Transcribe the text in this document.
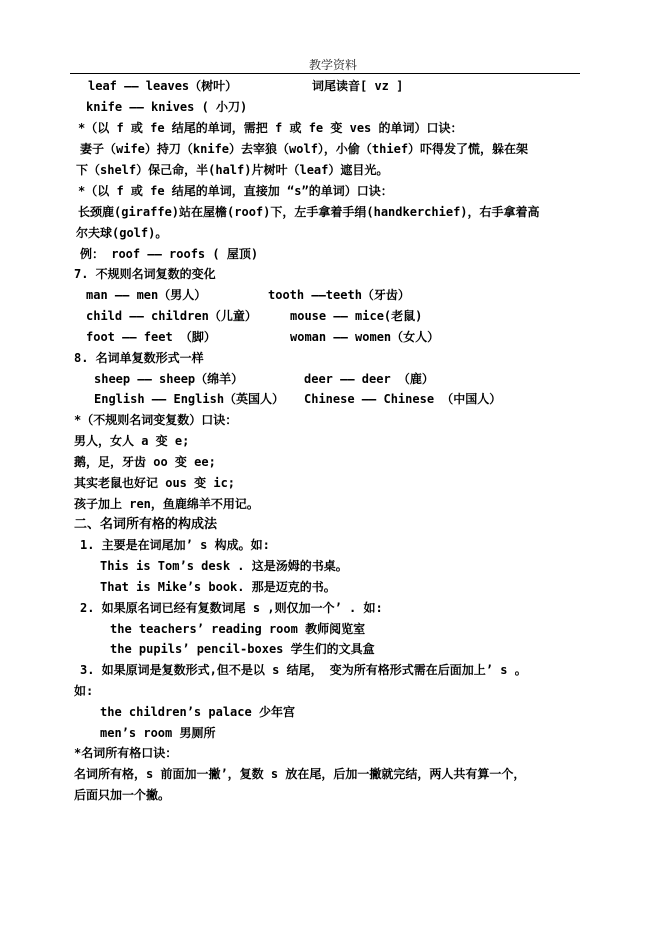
教学资料
leaf —— leaves（树叶）	词尾读音[ vz ]
knife —— knives ( 小刀)
*（以 f 或 fe 结尾的单词，需把 f 或 fe 变 ves 的单词）口诀：
妻子（wife）持刀（knife）去宰狼（wolf），小偷（thief）吓得发了慌，躲在架
下（shelf）保己命，半(half)片树叶（leaf）遮目光。
*（以 f 或 fe 结尾的单词，直接加 “s”的单词）口诀：
长颈鹿(giraffe)站在屋檐(roof)下，左手拿着手绢(handkerchief)，右手拿着高
尔夫球(golf)。
例： roof —— roofs ( 屋顶)
7. 不规则名词复数的变化
man —— men（男人）	tooth ——teeth（牙齿）
child —— children（儿童）	mouse —— mice(老鼠)
foot —— feet （脚）	woman —— women（女人）
8. 名词单复数形式一样
sheep —— sheep（绵羊）	deer —— deer （鹿）
English —— English（英国人） Chinese —— Chinese （中国人）
*（不规则名词变复数）口诀：
男人，女人 a 变 e;
鹅，足，牙齿 oo 变 ee;
其实老鼠也好记 ous 变 ic;
孩子加上 ren，鱼鹿绵羊不用记。
二、名词所有格的构成法
1. 主要是在词尾加’ s 构成。如:
This is Tom’s desk . 这是汤姆的书桌。
That is Mike’s book. 那是迈克的书。
2. 如果原名词已经有复数词尾 s ,则仅加一个’ . 如:
the teachers’ reading room 教师阅览室
the pupils’ pencil-boxes 学生们的文具盒
3. 如果原词是复数形式,但不是以 s 结尾， 变为所有格形式需在后面加上’ s 。
如:
the children’s palace 少年宫
men’s room 男厕所
*名词所有格口诀：
名词所有格，s 前面加一撇’，复数 s 放在尾，后加一撇就完结，两人共有算一个，
后面只加一个撇。
